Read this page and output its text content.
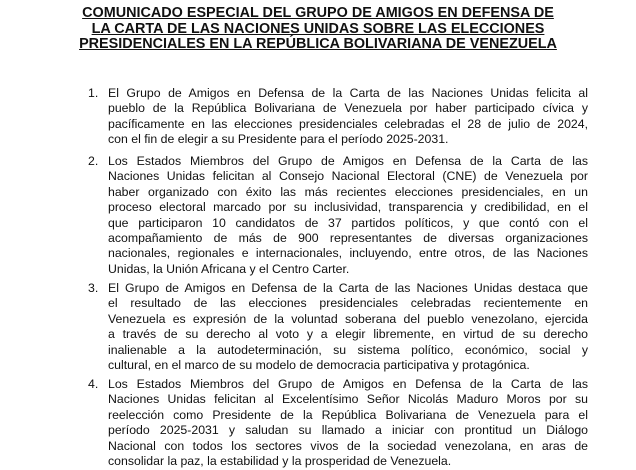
COMUNICADO ESPECIAL DEL GRUPO DE AMIGOS EN DEFENSA DE
LA CARTA DE LAS NACIONES UNIDAS SOBRE LAS ELECCIONES
PRESIDENCIALES EN LA REPÚBLICA BOLIVARIANA DE VENEZUELA
1. El Grupo de Amigos en Defensa de la Carta de las Naciones Unidas felicita al
pueblo de la República Bolivariana de Venezuela por haber participado cívica y
pacíficamente en las elecciones presidenciales celebradas el 28 de julio de 2024,
con el fin de elegir a su Presidente para el período 2025-2031.
2. Los Estados Miembros del Grupo de Amigos en Defensa de la Carta de las
Naciones Unidas felicitan al Consejo Nacional Electoral (CNE) de Venezuela por
haber organizado con éxito las más recientes elecciones presidenciales, en un
proceso electoral marcado por su inclusividad, transparencia y credibilidad, en el
que participaron 10 candidatos de 37 partidos políticos, y que contó con el
acompañamiento de más de 900 representantes de diversas organizaciones
nacionales, regionales e internacionales, incluyendo, entre otros, de las Naciones
Unidas, la Unión Africana y el Centro Carter.
3. El Grupo de Amigos en Defensa de la Carta de las Naciones Unidas destaca que
el resultado de las elecciones presidenciales celebradas recientemente en
Venezuela es expresión de la voluntad soberana del pueblo venezolano, ejercida
a través de su derecho al voto y a elegir libremente, en virtud de su derecho
inalienable a la autodeterminación, su sistema político, económico, social y
cultural, en el marco de su modelo de democracia participativa y protagónica.
4. Los Estados Miembros del Grupo de Amigos en Defensa de la Carta de las
Naciones Unidas felicitan al Excelentísimo Señor Nicolás Maduro Moros por su
reelección como Presidente de la República Bolivariana de Venezuela para el
período 2025-2031 y saludan su llamado a iniciar con prontitud un Diálogo
Nacional con todos los sectores vivos de la sociedad venezolana, en aras de
consolidar la paz, la estabilidad y la prosperidad de Venezuela.
